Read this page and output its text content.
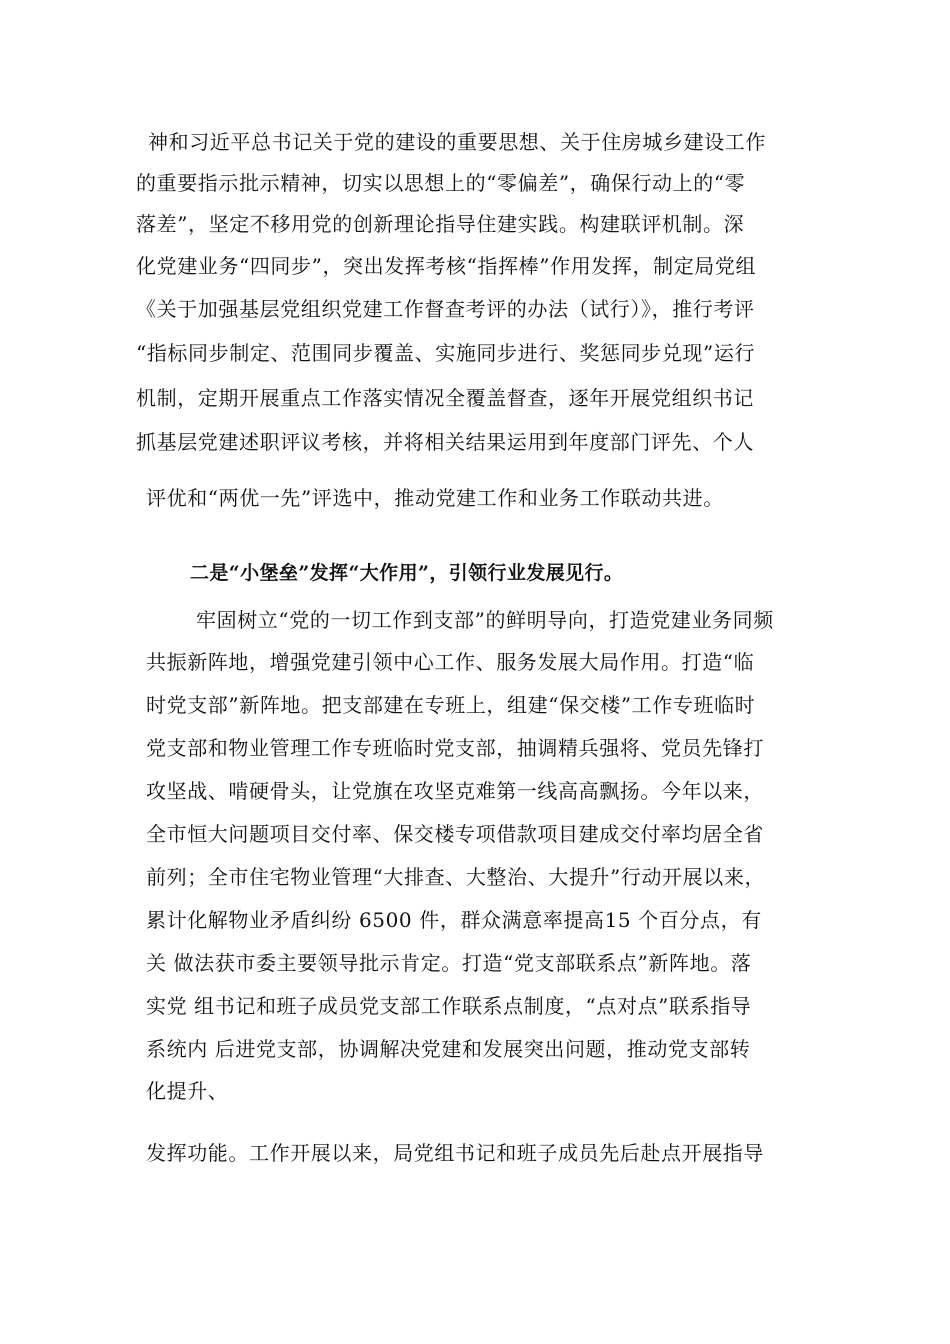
神和习近平总书记关于党的建设的重要思想、关于住房城乡建设工作
的重要指示批示精神，切实以思想上的“零偏差”，确保行动上的“零
落差”，坚定不移用党的创新理论指导住建实践。构建联评机制。深
化党建业务“四同步”，突出发挥考核“指挥棒”作用发挥，制定局党组
《关于加强基层党组织党建工作督查考评的办法（试行）》，推行考评
“指标同步制定、范围同步覆盖、实施同步进行、奖惩同步兑现”运行
机制，定期开展重点工作落实情况全覆盖督查，逐年开展党组织书记
抓基层党建述职评议考核，并将相关结果运用到年度部门评先、个人
评优和“两优一先”评选中，推动党建工作和业务工作联动共进。
二是“小堡垒”发挥“大作用”，引领行业发展见行。
牢固树立“党的一切工作到支部”的鲜明导向，打造党建业务同频
共振新阵地，增强党建引领中心工作、服务发展大局作用。打造“临
时党支部”新阵地。把支部建在专班上，组建“保交楼”工作专班临时
党支部和物业管理工作专班临时党支部，抽调精兵强将、党员先锋打
攻坚战、啃硬骨头，让党旗在攻坚克难第一线高高飘扬。今年以来，
全市恒大问题项目交付率、保交楼专项借款项目建成交付率均居全省
前列；全市住宅物业管理“大排查、大整治、大提升”行动开展以来，
累计化解物业矛盾纠纷 6500 件，群众满意率提高15 个百分点，有
关 做法获市委主要领导批示肯定。打造“党支部联系点”新阵地。落
实党 组书记和班子成员党支部工作联系点制度，“点对点”联系指导
系统内 后进党支部，协调解决党建和发展突出问题，推动党支部转
化提升、
发挥功能。工作开展以来，局党组书记和班子成员先后赴点开展指导
